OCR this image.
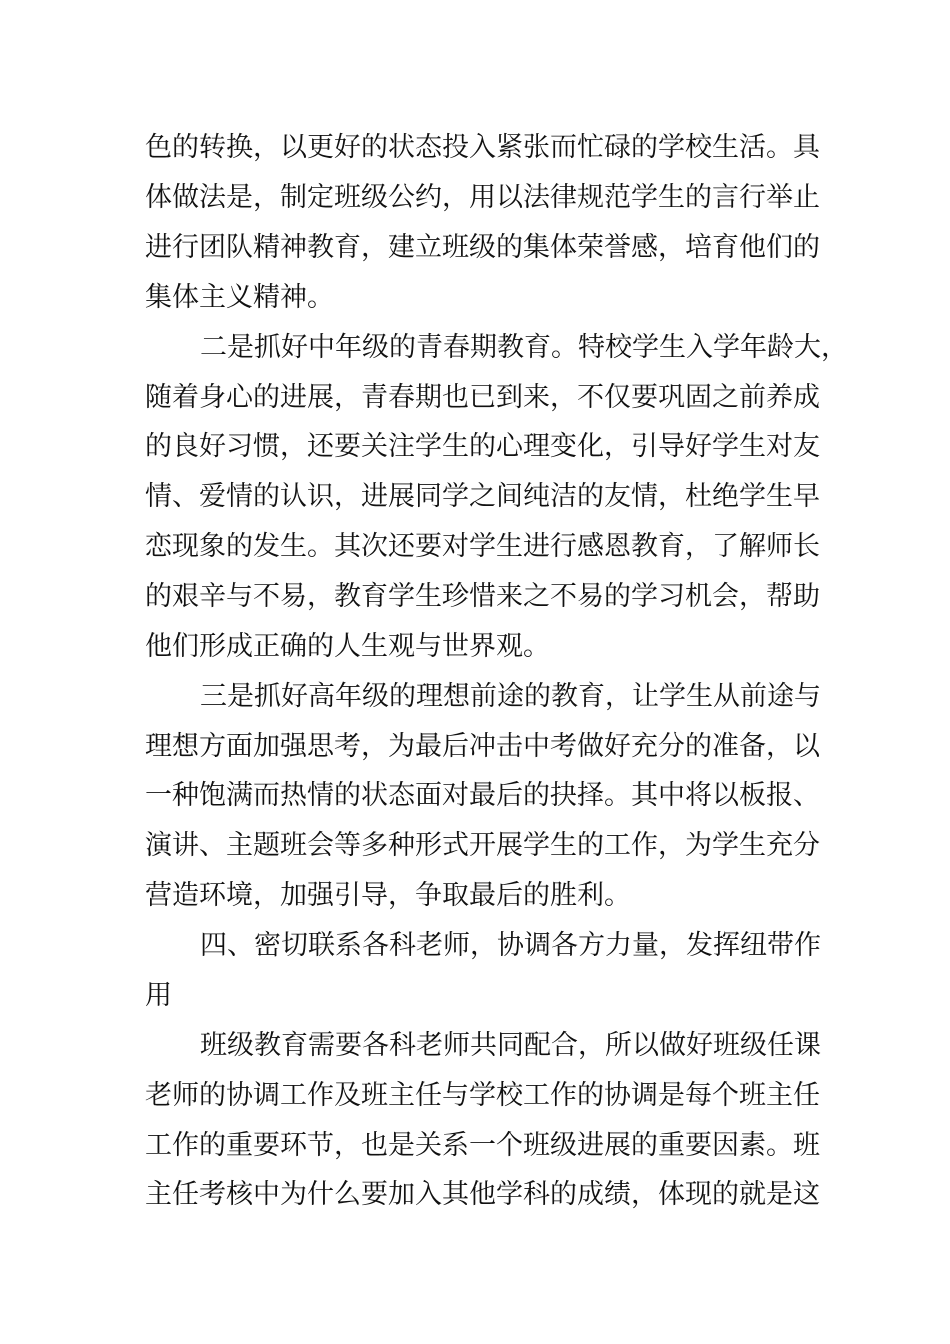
色的转换，以更好的状态投入紧张而忙碌的学校生活。具
体做法是，制定班级公约，用以法律规范学生的言行举止
进行团队精神教育，建立班级的集体荣誉感，培育他们的
集体主义精神。
二是抓好中年级的青春期教育。特校学生入学年龄大，
随着身心的进展，青春期也已到来，不仅要巩固之前养成
的良好习惯，还要关注学生的心理变化，引导好学生对友
情、爱情的认识，进展同学之间纯洁的友情，杜绝学生早
恋现象的发生。其次还要对学生进行感恩教育，了解师长
的艰辛与不易，教育学生珍惜来之不易的学习机会，帮助
他们形成正确的人生观与世界观。
三是抓好高年级的理想前途的教育，让学生从前途与
理想方面加强思考，为最后冲击中考做好充分的准备，以
一种饱满而热情的状态面对最后的抉择。其中将以板报、
演讲、主题班会等多种形式开展学生的工作，为学生充分
营造环境，加强引导，争取最后的胜利。
四、密切联系各科老师，协调各方力量，发挥纽带作
用
班级教育需要各科老师共同配合，所以做好班级任课
老师的协调工作及班主任与学校工作的协调是每个班主任
工作的重要环节，也是关系一个班级进展的重要因素。班
主任考核中为什么要加入其他学科的成绩，体现的就是这
